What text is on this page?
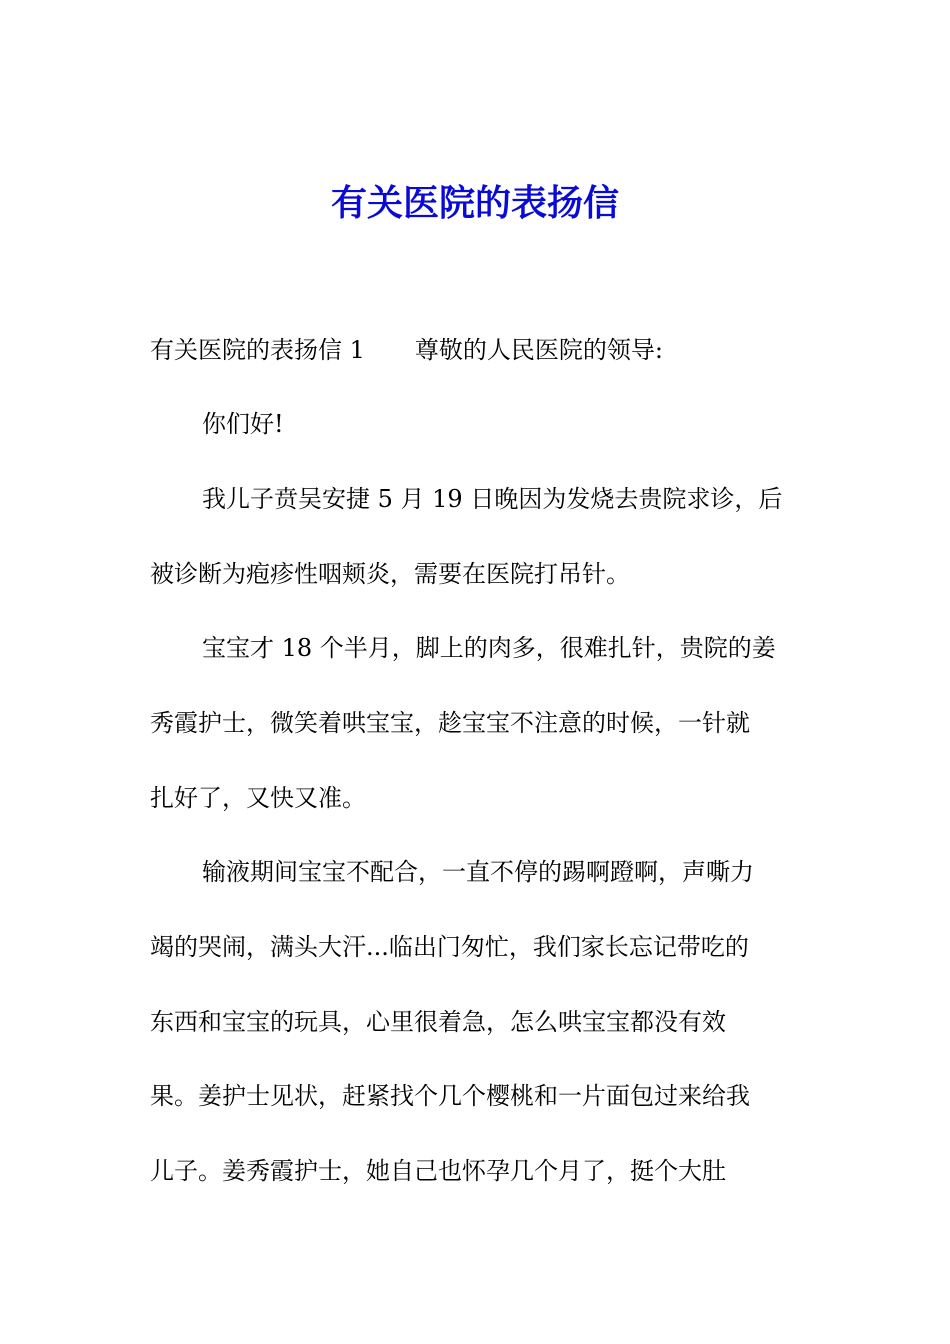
有关医院的表扬信

有关医院的表扬信 1 尊敬的人民医院的领导:

你们好!

我儿子贲吴安捷 5 月 19 日晚因为发烧去贵院求诊，后

被诊断为疱疹性咽颊炎，需要在医院打吊针。

宝宝才 18 个半月，脚上的肉多，很难扎针，贵院的姜

秀霞护士，微笑着哄宝宝，趁宝宝不注意的时候，一针就

扎好了，又快又准。

输液期间宝宝不配合，一直不停的踢啊蹬啊，声嘶力

竭的哭闹，满头大汗...临出门匆忙，我们家长忘记带吃的

东西和宝宝的玩具，心里很着急，怎么哄宝宝都没有效

果。姜护士见状，赶紧找个几个樱桃和一片面包过来给我

儿子。姜秀霞护士，她自己也怀孕几个月了，挺个大肚
